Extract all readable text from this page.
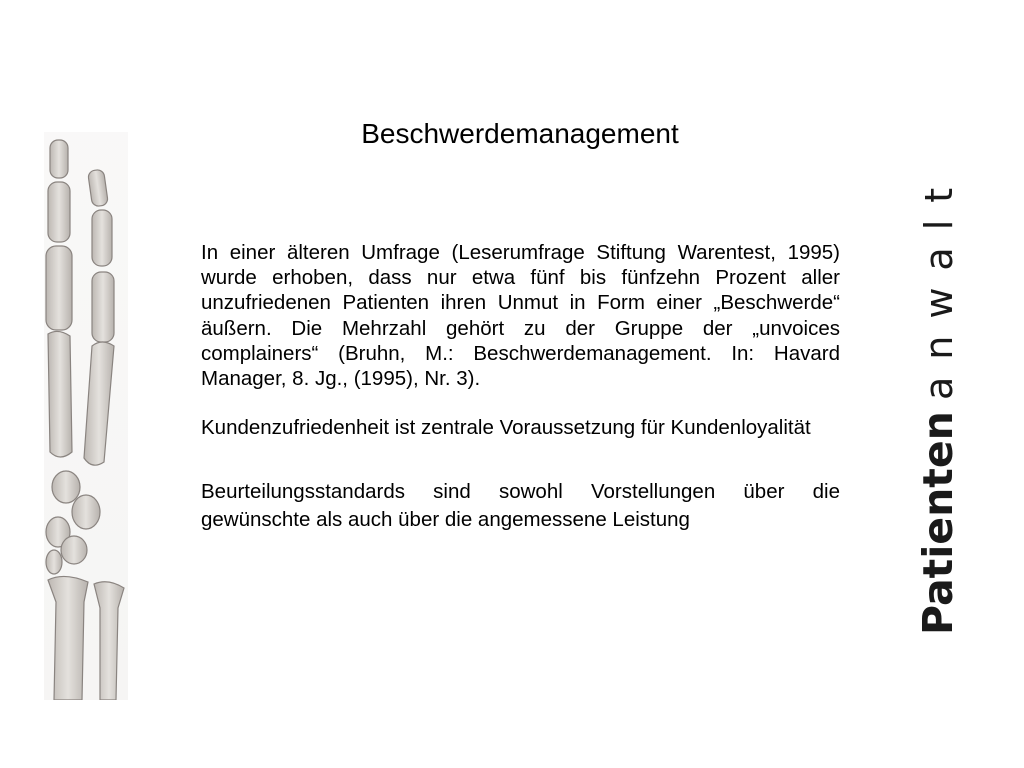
Beschwerdemanagement

In einer älteren Umfrage (Leserumfrage Stiftung Warentest, 1995) wurde erhoben, dass nur etwa fünf bis fünfzehn Prozent aller unzufriedenen Patienten ihren Unmut in Form einer „Beschwerde“ äußern. Die Mehrzahl gehört zu der Gruppe der „unvoices complainers“ (Bruhn, M.: Beschwerdemanagement. In: Havard Manager, 8. Jg., (1995), Nr. 3).

Kundenzufriedenheit ist zentrale Voraussetzung für Kundenloyalität

Beurteilungsstandards sind sowohl Vorstellungen über die gewünschte als auch über die angemessene Leistung	Patienten anwalt
